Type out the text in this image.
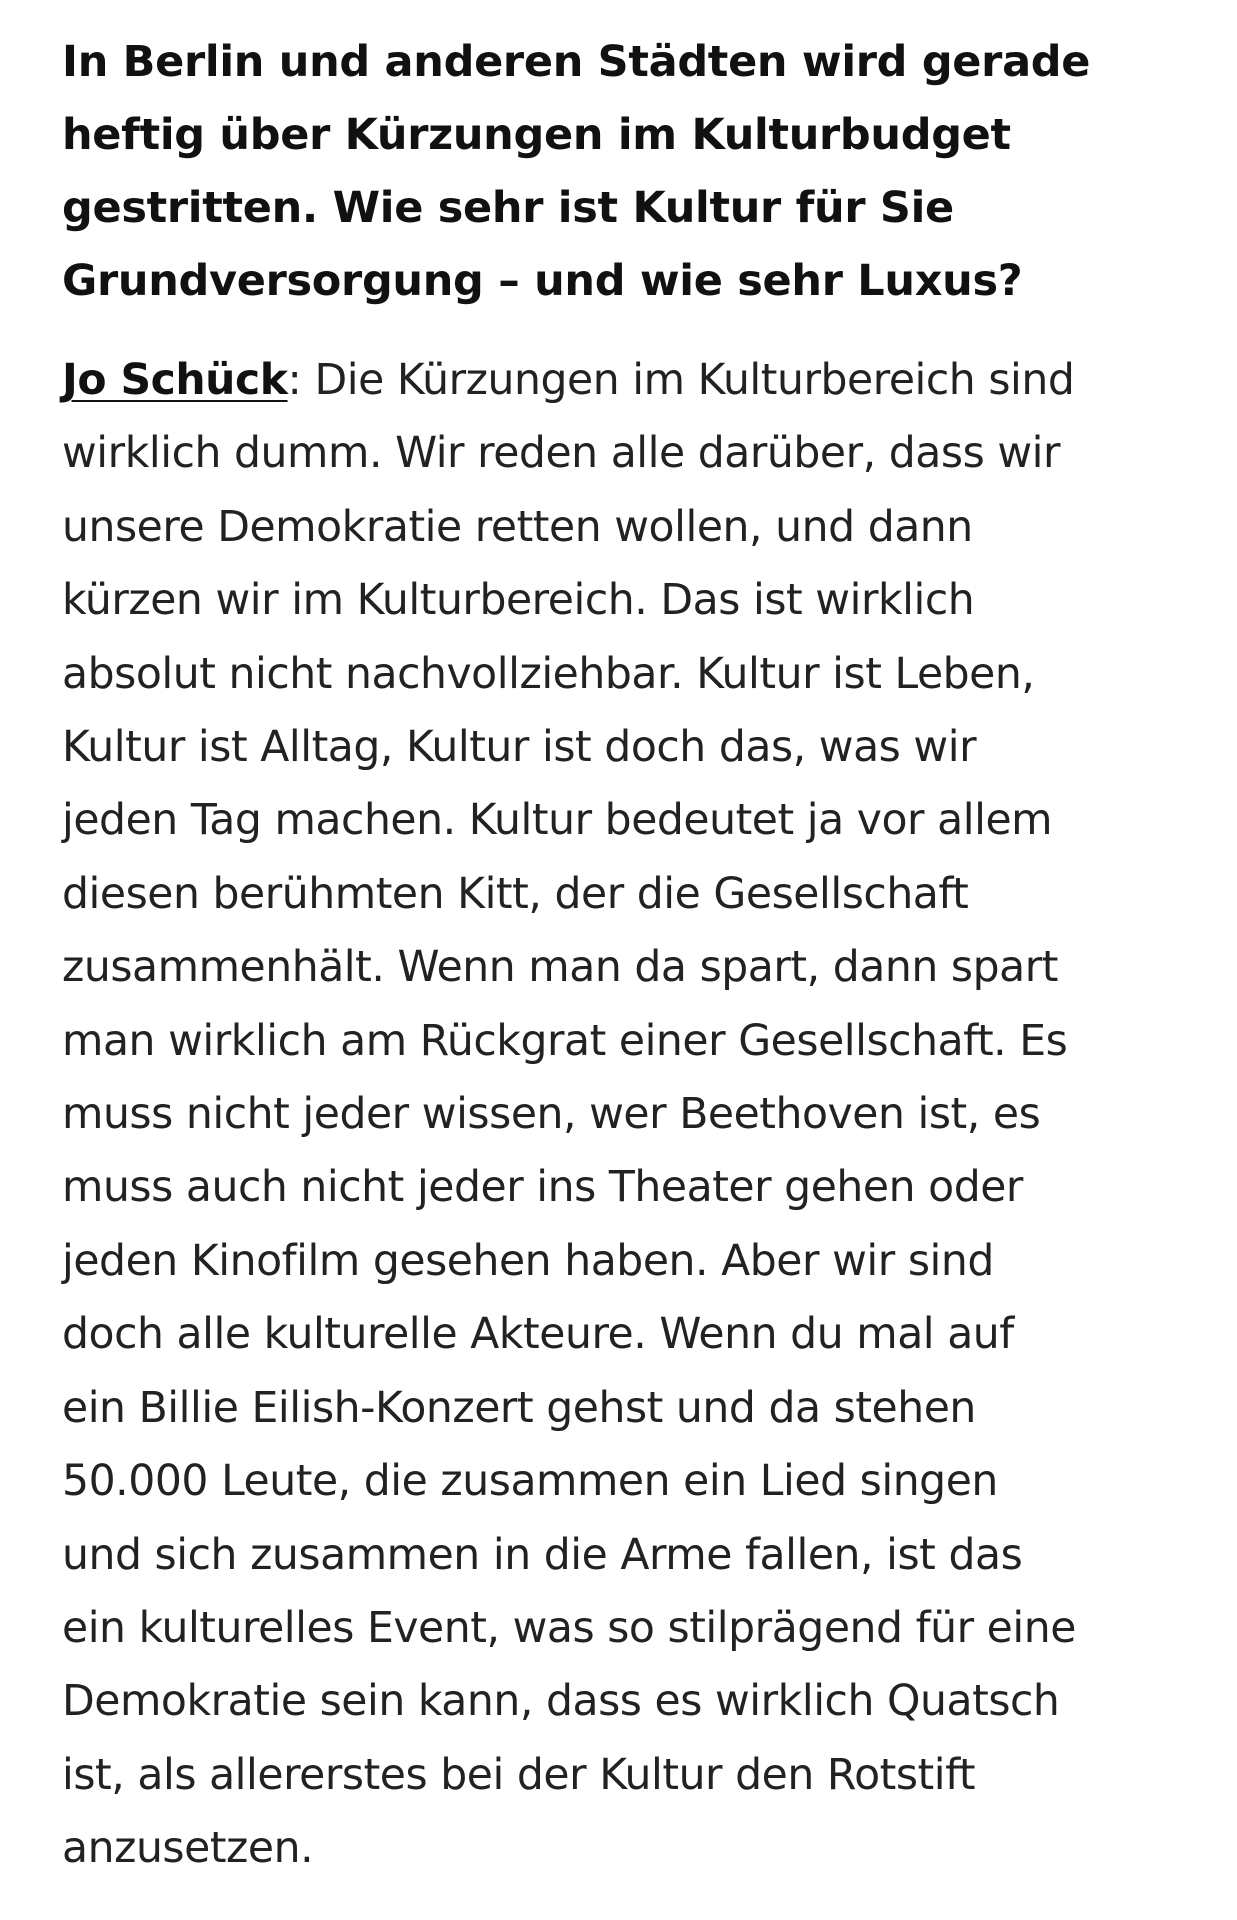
In Berlin und anderen Städten wird gerade
heftig über Kürzungen im Kulturbudget
gestritten. Wie sehr ist Kultur für Sie
Grundversorgung – und wie sehr Luxus?

Jo Schück: Die Kürzungen im Kulturbereich sind
wirklich dumm. Wir reden alle darüber, dass wir
unsere Demokratie retten wollen, und dann
kürzen wir im Kulturbereich. Das ist wirklich
absolut nicht nachvollziehbar. Kultur ist Leben,
Kultur ist Alltag, Kultur ist doch das, was wir
jeden Tag machen. Kultur bedeutet ja vor allem
diesen berühmten Kitt, der die Gesellschaft
zusammenhält. Wenn man da spart, dann spart
man wirklich am Rückgrat einer Gesellschaft. Es
muss nicht jeder wissen, wer Beethoven ist, es
muss auch nicht jeder ins Theater gehen oder
jeden Kinofilm gesehen haben. Aber wir sind
doch alle kulturelle Akteure. Wenn du mal auf
ein Billie Eilish-Konzert gehst und da stehen
50.000 Leute, die zusammen ein Lied singen
und sich zusammen in die Arme fallen, ist das
ein kulturelles Event, was so stilprägend für eine
Demokratie sein kann, dass es wirklich Quatsch
ist, als allererstes bei der Kultur den Rotstift
anzusetzen.
